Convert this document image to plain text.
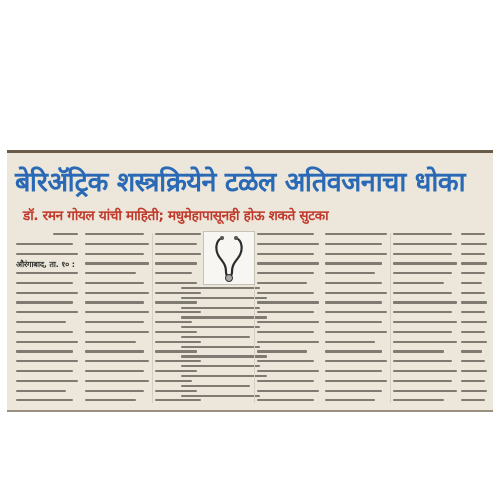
बेरिॲट्रिक शस्त्रक्रियेने टळेल अतिवजनाचा धोका
डॉ. रमन गोयल यांची माहिती; मधुमेहापासूनही होऊ शकते सुटका
औरंगाबाद, ता. १० :
